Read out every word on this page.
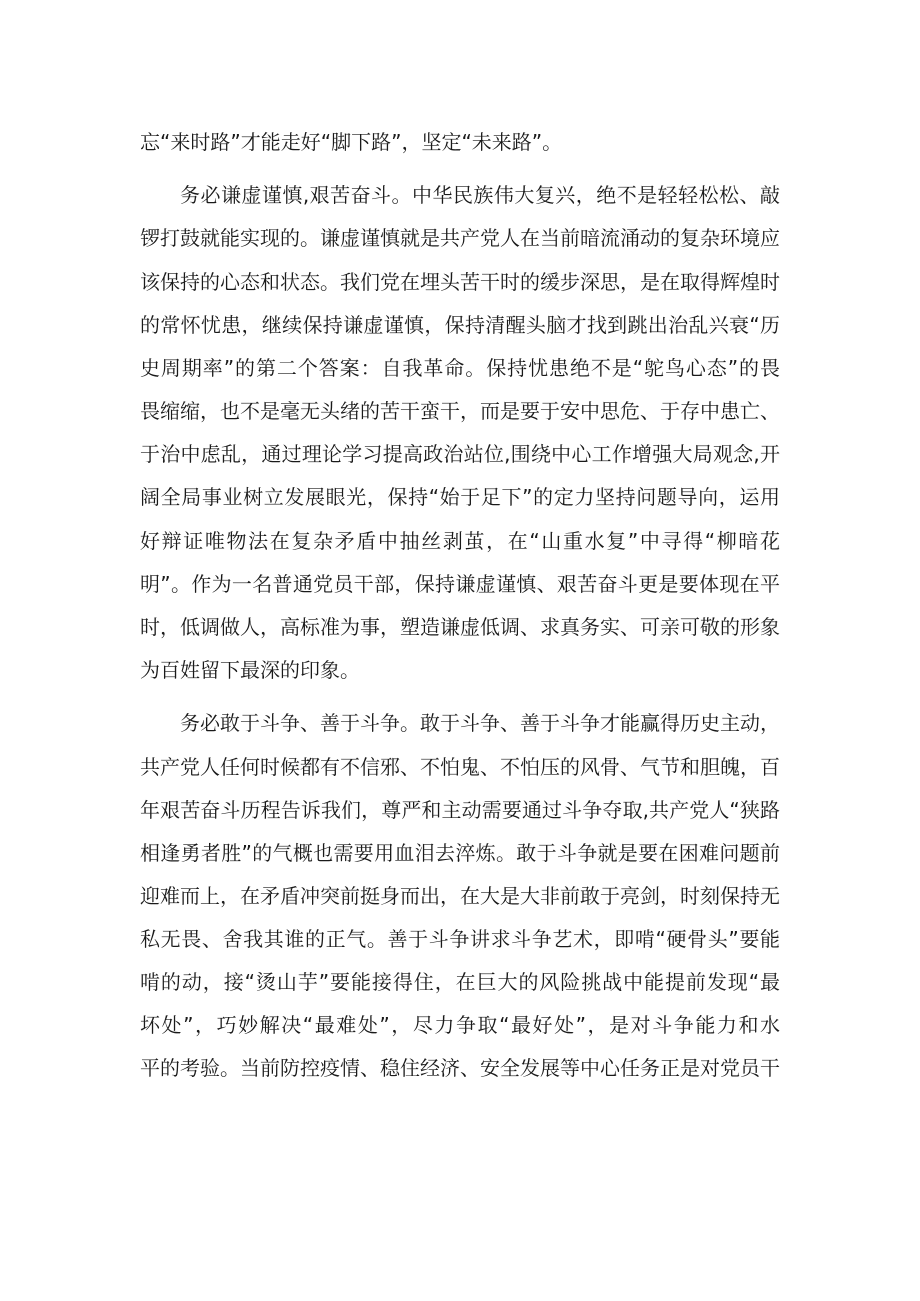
忘“来时路”才能走好“脚下路”，坚定“未来路”。
务必谦虚谨慎,艰苦奋斗。中华民族伟大复兴，绝不是轻轻松松、敲
锣打鼓就能实现的。谦虚谨慎就是共产党人在当前暗流涌动的复杂环境应
该保持的心态和状态。我们党在埋头苦干时的缓步深思，是在取得辉煌时
的常怀忧患，继续保持谦虚谨慎，保持清醒头脑才找到跳出治乱兴衰“历
史周期率”的第二个答案：自我革命。保持忧患绝不是“鸵鸟心态”的畏
畏缩缩，也不是毫无头绪的苦干蛮干，而是要于安中思危、于存中患亡、
于治中虑乱，通过理论学习提高政治站位,围绕中心工作增强大局观念,开
阔全局事业树立发展眼光，保持“始于足下”的定力坚持问题导向，运用
好辩证唯物法在复杂矛盾中抽丝剥茧，在“山重水复”中寻得“柳暗花
明”。作为一名普通党员干部，保持谦虚谨慎、艰苦奋斗更是要体现在平
时，低调做人，高标准为事，塑造谦虚低调、求真务实、可亲可敬的形象
为百姓留下最深的印象。
务必敢于斗争、善于斗争。敢于斗争、善于斗争才能赢得历史主动，
共产党人任何时候都有不信邪、不怕鬼、不怕压的风骨、气节和胆魄，百
年艰苦奋斗历程告诉我们，尊严和主动需要通过斗争夺取,共产党人“狭路
相逢勇者胜”的气概也需要用血泪去淬炼。敢于斗争就是要在困难问题前
迎难而上，在矛盾冲突前挺身而出，在大是大非前敢于亮剑，时刻保持无
私无畏、舍我其谁的正气。善于斗争讲求斗争艺术，即啃“硬骨头”要能
啃的动，接“烫山芋”要能接得住，在巨大的风险挑战中能提前发现“最
坏处”，巧妙解决“最难处”，尽力争取“最好处”，是对斗争能力和水
平的考验。当前防控疫情、稳住经济、安全发展等中心任务正是对党员干
